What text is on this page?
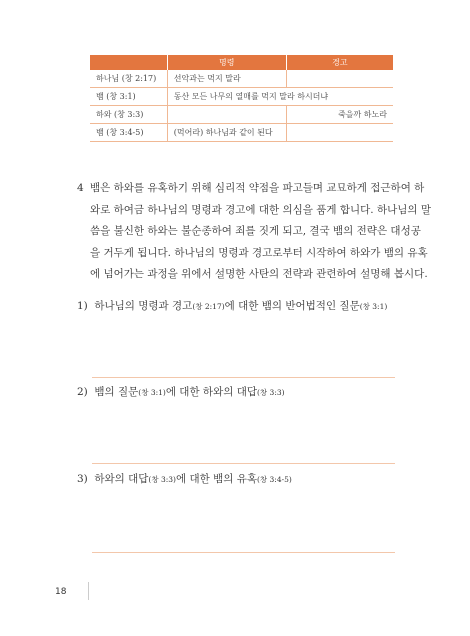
	명령	경고
하나님 (창 2:17)	선악과는 먹지 말라	
뱀 (창 3:1)	동산 모든 나무의 열매를 먹지 말라 하시더냐	
하와 (창 3:3)		죽을까 하노라
뱀 (창 3:4-5)	(먹어라) 하나님과 같이 된다	
4 뱀은 하와를 유혹하기 위해 심리적 약점을 파고들며 교묘하게 접근하여 하
와로 하여금 하나님의 명령과 경고에 대한 의심을 품게 합니다. 하나님의 말
씀을 불신한 하와는 불순종하여 죄를 짓게 되고, 결국 뱀의 전략은 대성공
을 거두게 됩니다. 하나님의 명령과 경고로부터 시작하여 하와가 뱀의 유혹
에 넘어가는 과정을 위에서 설명한 사탄의 전략과 관련하여 설명해 봅시다.
1) 하나님의 명령과 경고(창 2:17)에 대한 뱀의 반어법적인 질문(창 3:1)
2) 뱀의 질문(창 3:1)에 대한 하와의 대답(창 3:3)
3) 하와의 대답(창 3:3)에 대한 뱀의 유혹(창 3:4-5)
18
